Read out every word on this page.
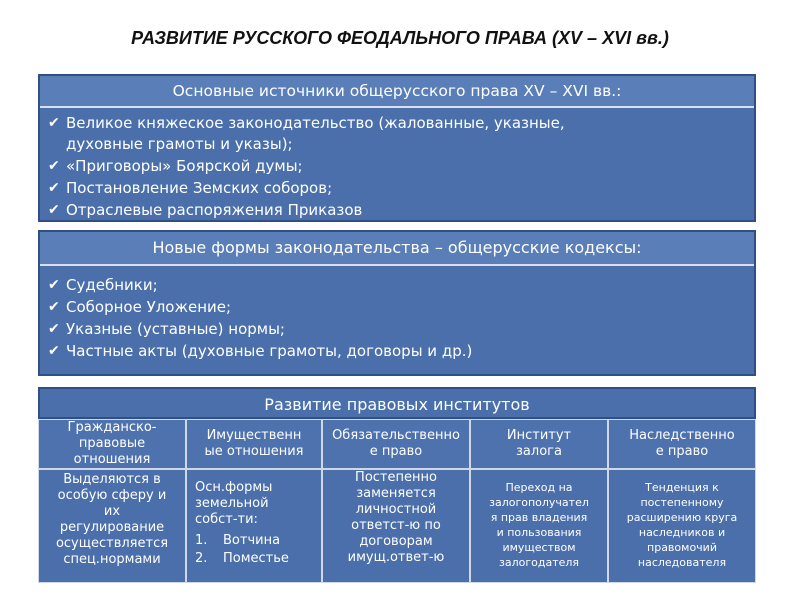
РАЗВИТИЕ РУССКОГО ФЕОДАЛЬНОГО ПРАВА (XV – XVI вв.)
Основные источники общерусского права XV – XVI вв.:
✔ Великое княжеское законодательство (жалованные, указные,
духовные грамоты и указы);
✔ «Приговоры» Боярской думы;
✔ Постановление Земских соборов;
✔ Отраслевые распоряжения Приказов
Новые формы законодательства – общерусские кодексы:
✔ Судебники;
✔ Соборное Уложение;
✔ Указные (уставные) нормы;
✔ Частные акты (духовные грамоты, договоры и др.)
Развитие правовых институтов
Гражданско-
правовые
отношения
Имущественн
ые отношения
Обязательственно
е право
Институт
залога
Наследственно
е право
Выделяются в
особую сферу и
их
регулирование
осуществляется
спец.нормами
Осн.формы
земельной
собст-ти:
1. Вотчина
2. Поместье
Постепенно
заменяется
личностной
ответст-ю по
договорам
имущ.ответ-ю
Переход на
залогополучател
я прав владения
и пользования
имуществом
залогодателя
Тенденция к
постепенному
расширению круга
наследников и
правомочий
наследователя
